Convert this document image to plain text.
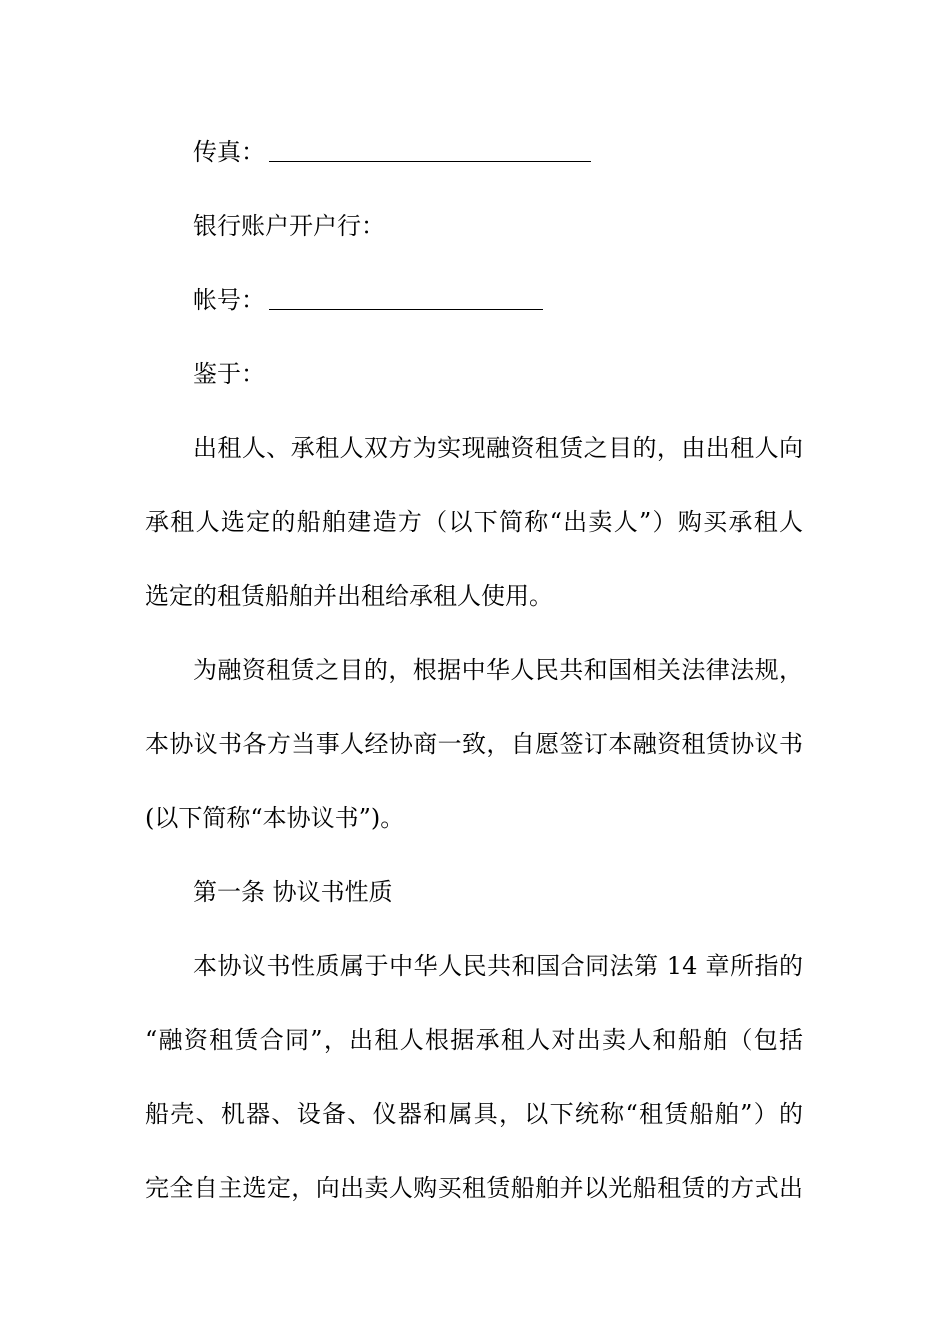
传真：
银行账户开户行：
帐号：
鉴于：
出租人、承租人双方为实现融资租赁之目的，由出租人向
承租人选定的船舶建造方（以下简称“出卖人”）购买承租人
选定的租赁船舶并出租给承租人使用。
为融资租赁之目的，根据中华人民共和国相关法律法规，
本协议书各方当事人经协商一致，自愿签订本融资租赁协议书
(以下简称“本协议书”)。
第一条 协议书性质
本协议书性质属于中华人民共和国合同法第 14 章所指的
“融资租赁合同”，出租人根据承租人对出卖人和船舶（包括
船壳、机器、设备、仪器和属具，以下统称“租赁船舶”）的
完全自主选定，向出卖人购买租赁船舶并以光船租赁的方式出
